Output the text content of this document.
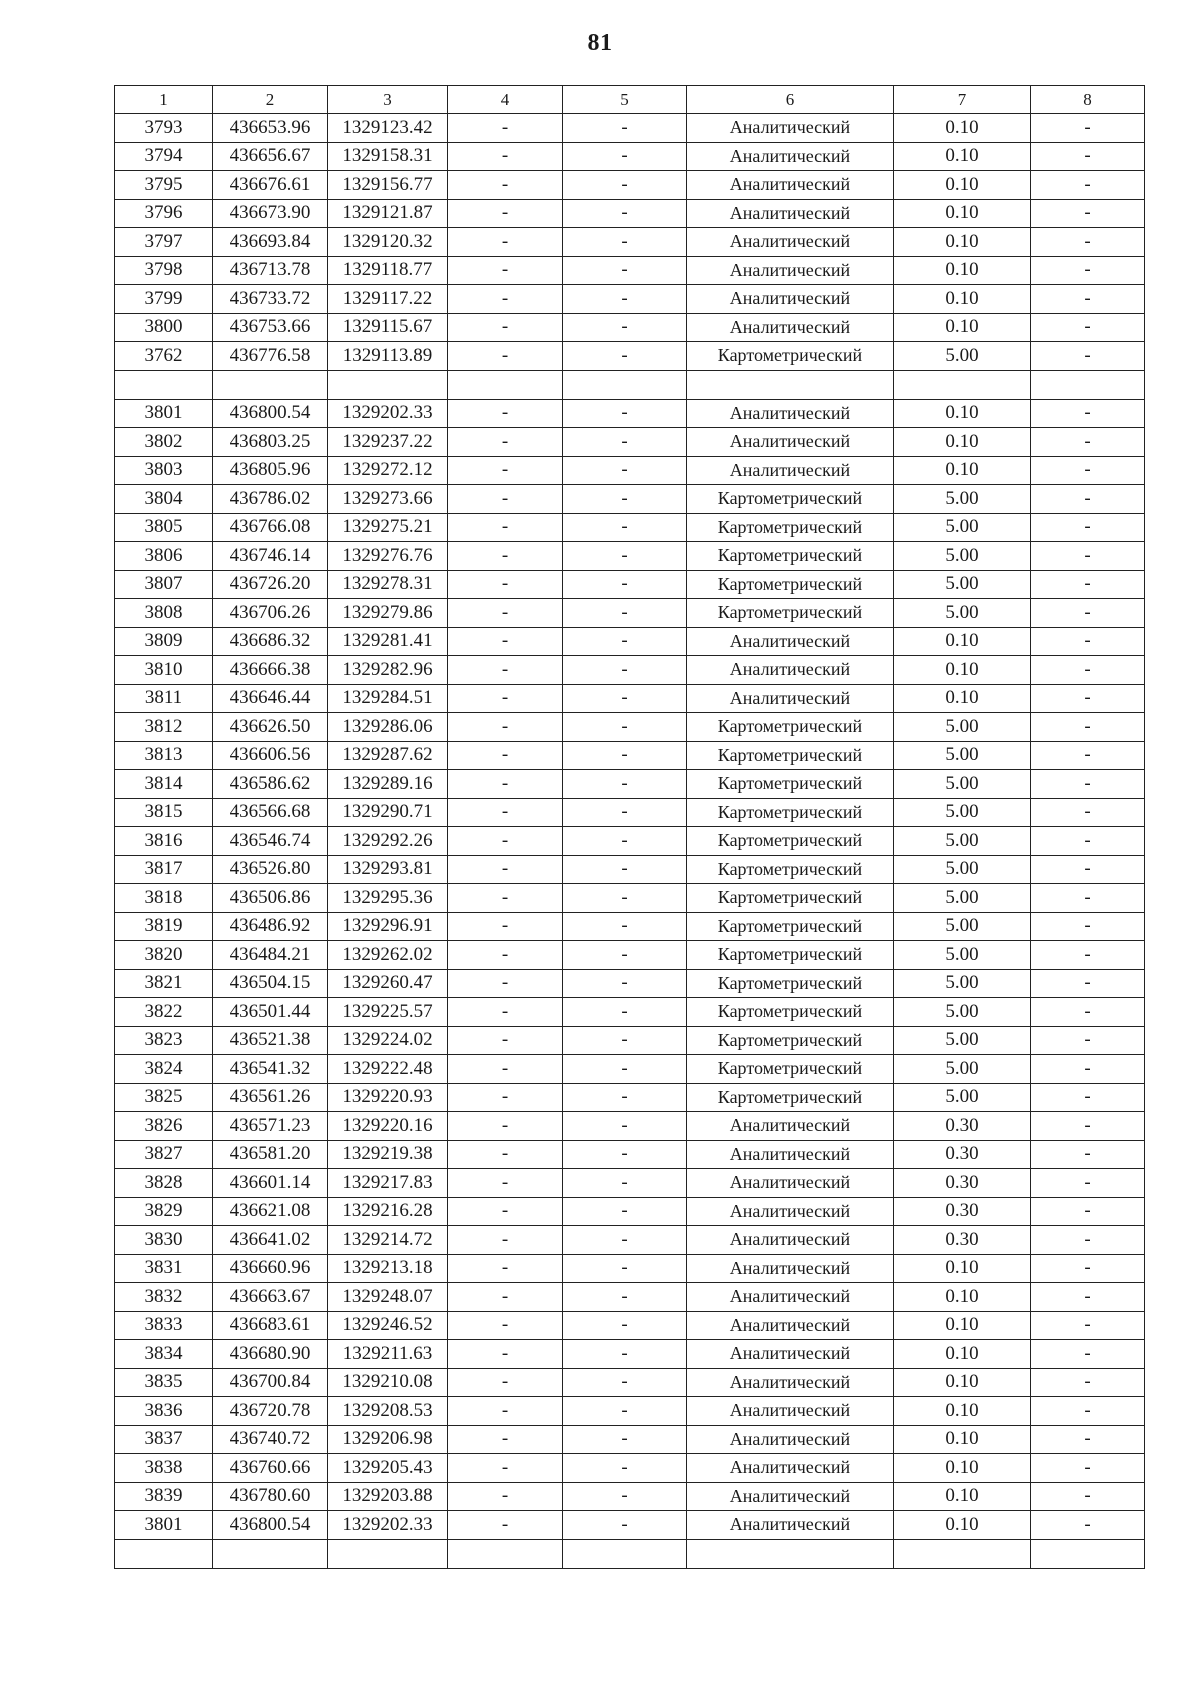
81
1	2	3	4	5	6	7	8
3793	436653.96	1329123.42	-	-	Аналитический	0.10	-
3794	436656.67	1329158.31	-	-	Аналитический	0.10	-
3795	436676.61	1329156.77	-	-	Аналитический	0.10	-
3796	436673.90	1329121.87	-	-	Аналитический	0.10	-
3797	436693.84	1329120.32	-	-	Аналитический	0.10	-
3798	436713.78	1329118.77	-	-	Аналитический	0.10	-
3799	436733.72	1329117.22	-	-	Аналитический	0.10	-
3800	436753.66	1329115.67	-	-	Аналитический	0.10	-
3762	436776.58	1329113.89	-	-	Картометрический	5.00	-

3801	436800.54	1329202.33	-	-	Аналитический	0.10	-
3802	436803.25	1329237.22	-	-	Аналитический	0.10	-
3803	436805.96	1329272.12	-	-	Аналитический	0.10	-
3804	436786.02	1329273.66	-	-	Картометрический	5.00	-
3805	436766.08	1329275.21	-	-	Картометрический	5.00	-
3806	436746.14	1329276.76	-	-	Картометрический	5.00	-
3807	436726.20	1329278.31	-	-	Картометрический	5.00	-
3808	436706.26	1329279.86	-	-	Картометрический	5.00	-
3809	436686.32	1329281.41	-	-	Аналитический	0.10	-
3810	436666.38	1329282.96	-	-	Аналитический	0.10	-
3811	436646.44	1329284.51	-	-	Аналитический	0.10	-
3812	436626.50	1329286.06	-	-	Картометрический	5.00	-
3813	436606.56	1329287.62	-	-	Картометрический	5.00	-
3814	436586.62	1329289.16	-	-	Картометрический	5.00	-
3815	436566.68	1329290.71	-	-	Картометрический	5.00	-
3816	436546.74	1329292.26	-	-	Картометрический	5.00	-
3817	436526.80	1329293.81	-	-	Картометрический	5.00	-
3818	436506.86	1329295.36	-	-	Картометрический	5.00	-
3819	436486.92	1329296.91	-	-	Картометрический	5.00	-
3820	436484.21	1329262.02	-	-	Картометрический	5.00	-
3821	436504.15	1329260.47	-	-	Картометрический	5.00	-
3822	436501.44	1329225.57	-	-	Картометрический	5.00	-
3823	436521.38	1329224.02	-	-	Картометрический	5.00	-
3824	436541.32	1329222.48	-	-	Картометрический	5.00	-
3825	436561.26	1329220.93	-	-	Картометрический	5.00	-
3826	436571.23	1329220.16	-	-	Аналитический	0.30	-
3827	436581.20	1329219.38	-	-	Аналитический	0.30	-
3828	436601.14	1329217.83	-	-	Аналитический	0.30	-
3829	436621.08	1329216.28	-	-	Аналитический	0.30	-
3830	436641.02	1329214.72	-	-	Аналитический	0.30	-
3831	436660.96	1329213.18	-	-	Аналитический	0.10	-
3832	436663.67	1329248.07	-	-	Аналитический	0.10	-
3833	436683.61	1329246.52	-	-	Аналитический	0.10	-
3834	436680.90	1329211.63	-	-	Аналитический	0.10	-
3835	436700.84	1329210.08	-	-	Аналитический	0.10	-
3836	436720.78	1329208.53	-	-	Аналитический	0.10	-
3837	436740.72	1329206.98	-	-	Аналитический	0.10	-
3838	436760.66	1329205.43	-	-	Аналитический	0.10	-
3839	436780.60	1329203.88	-	-	Аналитический	0.10	-
3801	436800.54	1329202.33	-	-	Аналитический	0.10	-
